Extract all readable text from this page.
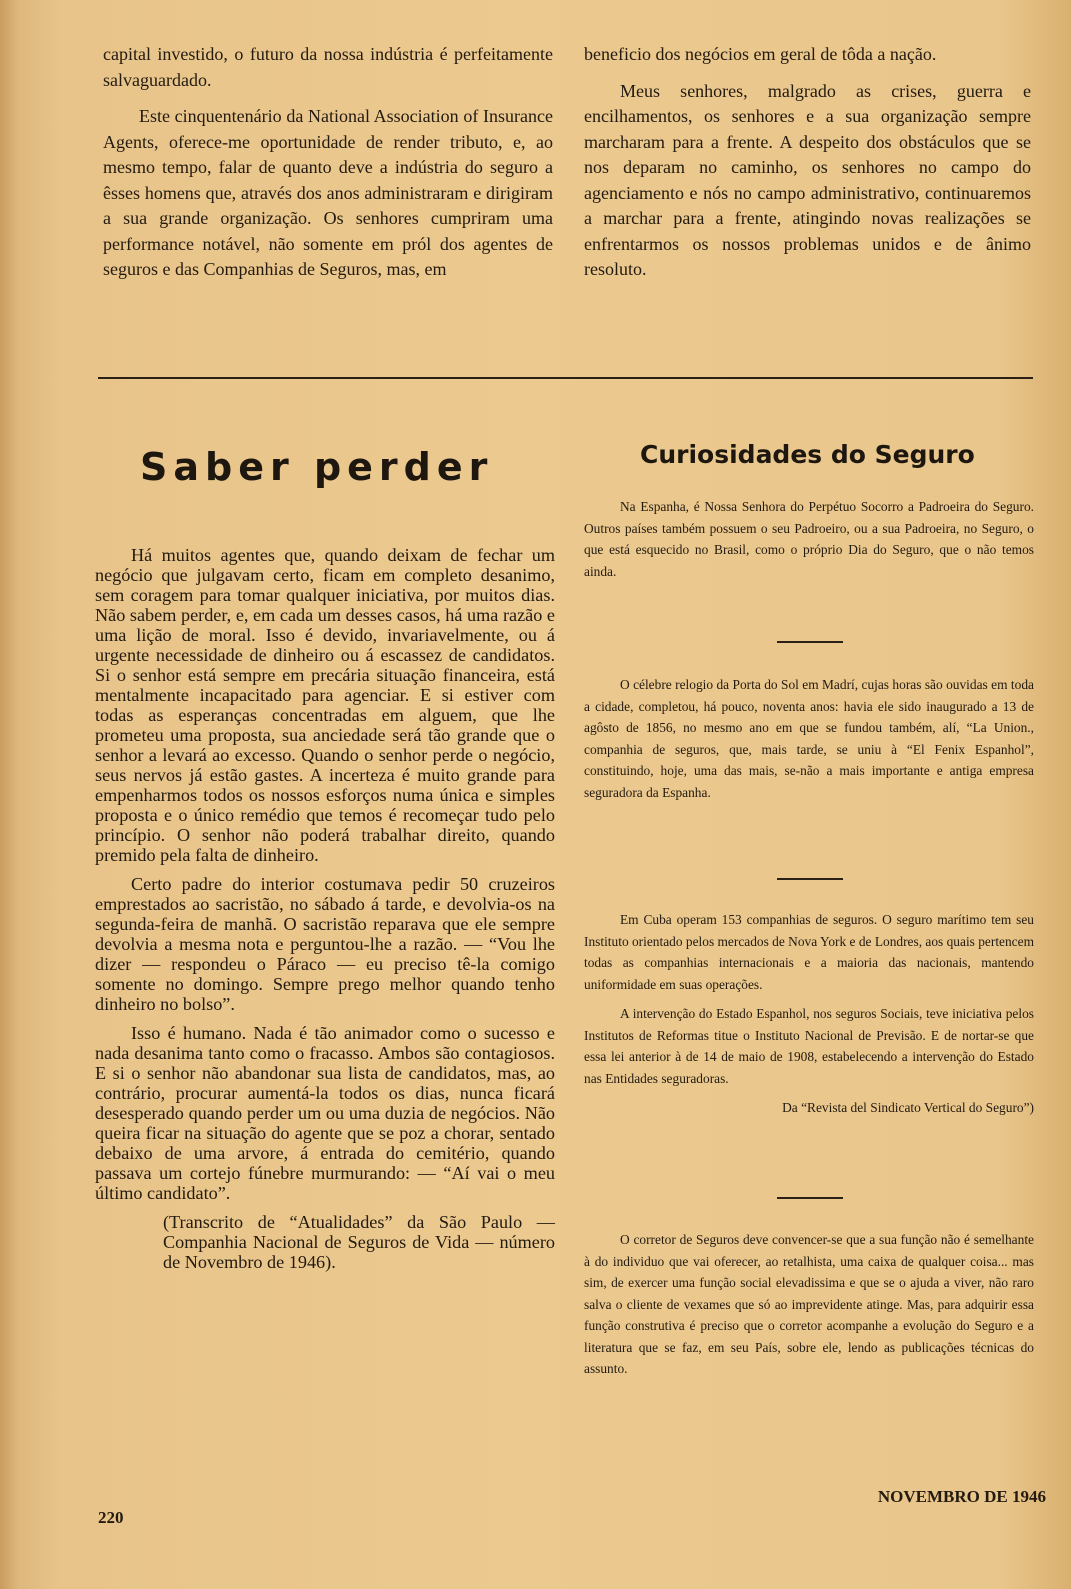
capital investido, o futuro da nossa indústria é perfeitamente salvaguardado.

Este cinquentenário da National Association of Insurance Agents, oferece-me oportunidade de render tributo, e, ao mesmo tempo, falar de quanto deve a indústria do seguro a êsses homens que, através dos anos administraram e dirigiram a sua grande organização. Os senhores cumpriram uma performance notável, não somente em pról dos agentes de seguros e das Companhias de Seguros, mas, em

beneficio dos negócios em geral de tôda a nação.

Meus senhores, malgrado as crises, guerra e encilhamentos, os senhores e a sua organização sempre marcharam para a frente. A despeito dos obstáculos que se nos deparam no caminho, os senhores no campo do agenciamento e nós no campo administrativo, continuaremos a marchar para a frente, atingindo novas realizações se enfrentarmos os nossos problemas unidos e de ânimo resoluto.

Saber perder

Há muitos agentes que, quando deixam de fechar um negócio que julgavam certo, ficam em completo desanimo, sem coragem para tomar qualquer iniciativa, por muitos dias. Não sabem perder, e, em cada um desses casos, há uma razão e uma lição de moral. Isso é devido, invariavelmente, ou á urgente necessidade de dinheiro ou á escassez de candidatos. Si o senhor está sempre em precária situação financeira, está mentalmente incapacitado para agenciar. E si estiver com todas as esperanças concentradas em alguem, que lhe prometeu uma proposta, sua anciedade será tão grande que o senhor a levará ao excesso. Quando o senhor perde o negócio, seus nervos já estão gastes. A incerteza é muito grande para empenharmos todos os nossos esforços numa única e simples proposta e o único remédio que temos é recomeçar tudo pelo princípio. O senhor não poderá trabalhar direito, quando premido pela falta de dinheiro.

Certo padre do interior costumava pedir 50 cruzeiros emprestados ao sacristão, no sábado á tarde, e devolvia-os na segunda-feira de manhã. O sacristão reparava que ele sempre devolvia a mesma nota e perguntou-lhe a razão. — “Vou lhe dizer — respondeu o Páraco — eu preciso tê-la comigo somente no domingo. Sempre prego melhor quando tenho dinheiro no bolso”.

Isso é humano. Nada é tão animador como o sucesso e nada desanima tanto como o fracasso. Ambos são contagiosos. E si o senhor não abandonar sua lista de candidatos, mas, ao contrário, procurar aumentá-la todos os dias, nunca ficará desesperado quando perder um ou uma duzia de negócios. Não queira ficar na situação do agente que se poz a chorar, sentado debaixo de uma arvore, á entrada do cemitério, quando passava um cortejo fúnebre murmurando: — “Aí vai o meu último candidato”.

(Transcrito de “Atualidades” da São Paulo — Companhia Nacional de Seguros de Vida — número de Novembro de 1946).

Curiosidades do Seguro

Na Espanha, é Nossa Senhora do Perpétuo Socorro a Padroeira do Seguro. Outros países também possuem o seu Padroeiro, ou a sua Padroeira, no Seguro, o que está esquecido no Brasil, como o próprio Dia do Seguro, que o não temos ainda.

O célebre relogio da Porta do Sol em Madrí, cujas horas são ouvidas em toda a cidade, completou, há pouco, noventa anos: havia ele sido inaugurado a 13 de agôsto de 1856, no mesmo ano em que se fundou também, alí, “La Union., companhia de seguros, que, mais tarde, se uniu à “El Fenix Espanhol”, constituindo, hoje, uma das mais, se-não a mais importante e antiga empresa seguradora da Espanha.

Em Cuba operam 153 companhias de seguros. O seguro marítimo tem seu Instituto orientado pelos mercados de Nova York e de Londres, aos quais pertencem todas as companhias internacionais e a maioria das nacionais, mantendo uniformidade em suas operações.

A intervenção do Estado Espanhol, nos seguros Sociais, teve iniciativa pelos Institutos de Reformas titue o Instituto Nacional de Previsão. E de nortar-se que essa lei anterior à de 14 de maio de 1908, estabelecendo a intervenção do Estado nas Entidades seguradoras.

Da “Revista del Sindicato Vertical do Seguro”)

O corretor de Seguros deve convencer-se que a sua função não é semelhante à do individuo que vai oferecer, ao retalhista, uma caixa de qualquer coisa... mas sim, de exercer uma função social elevadissima e que se o ajuda a viver, não raro salva o cliente de vexames que só ao imprevidente atinge. Mas, para adquirir essa função construtiva é preciso que o corretor acompanhe a evolução do Seguro e a literatura que se faz, em seu País, sobre ele, lendo as publicações técnicas do assunto.

220
NOVEMBRO DE 1946
